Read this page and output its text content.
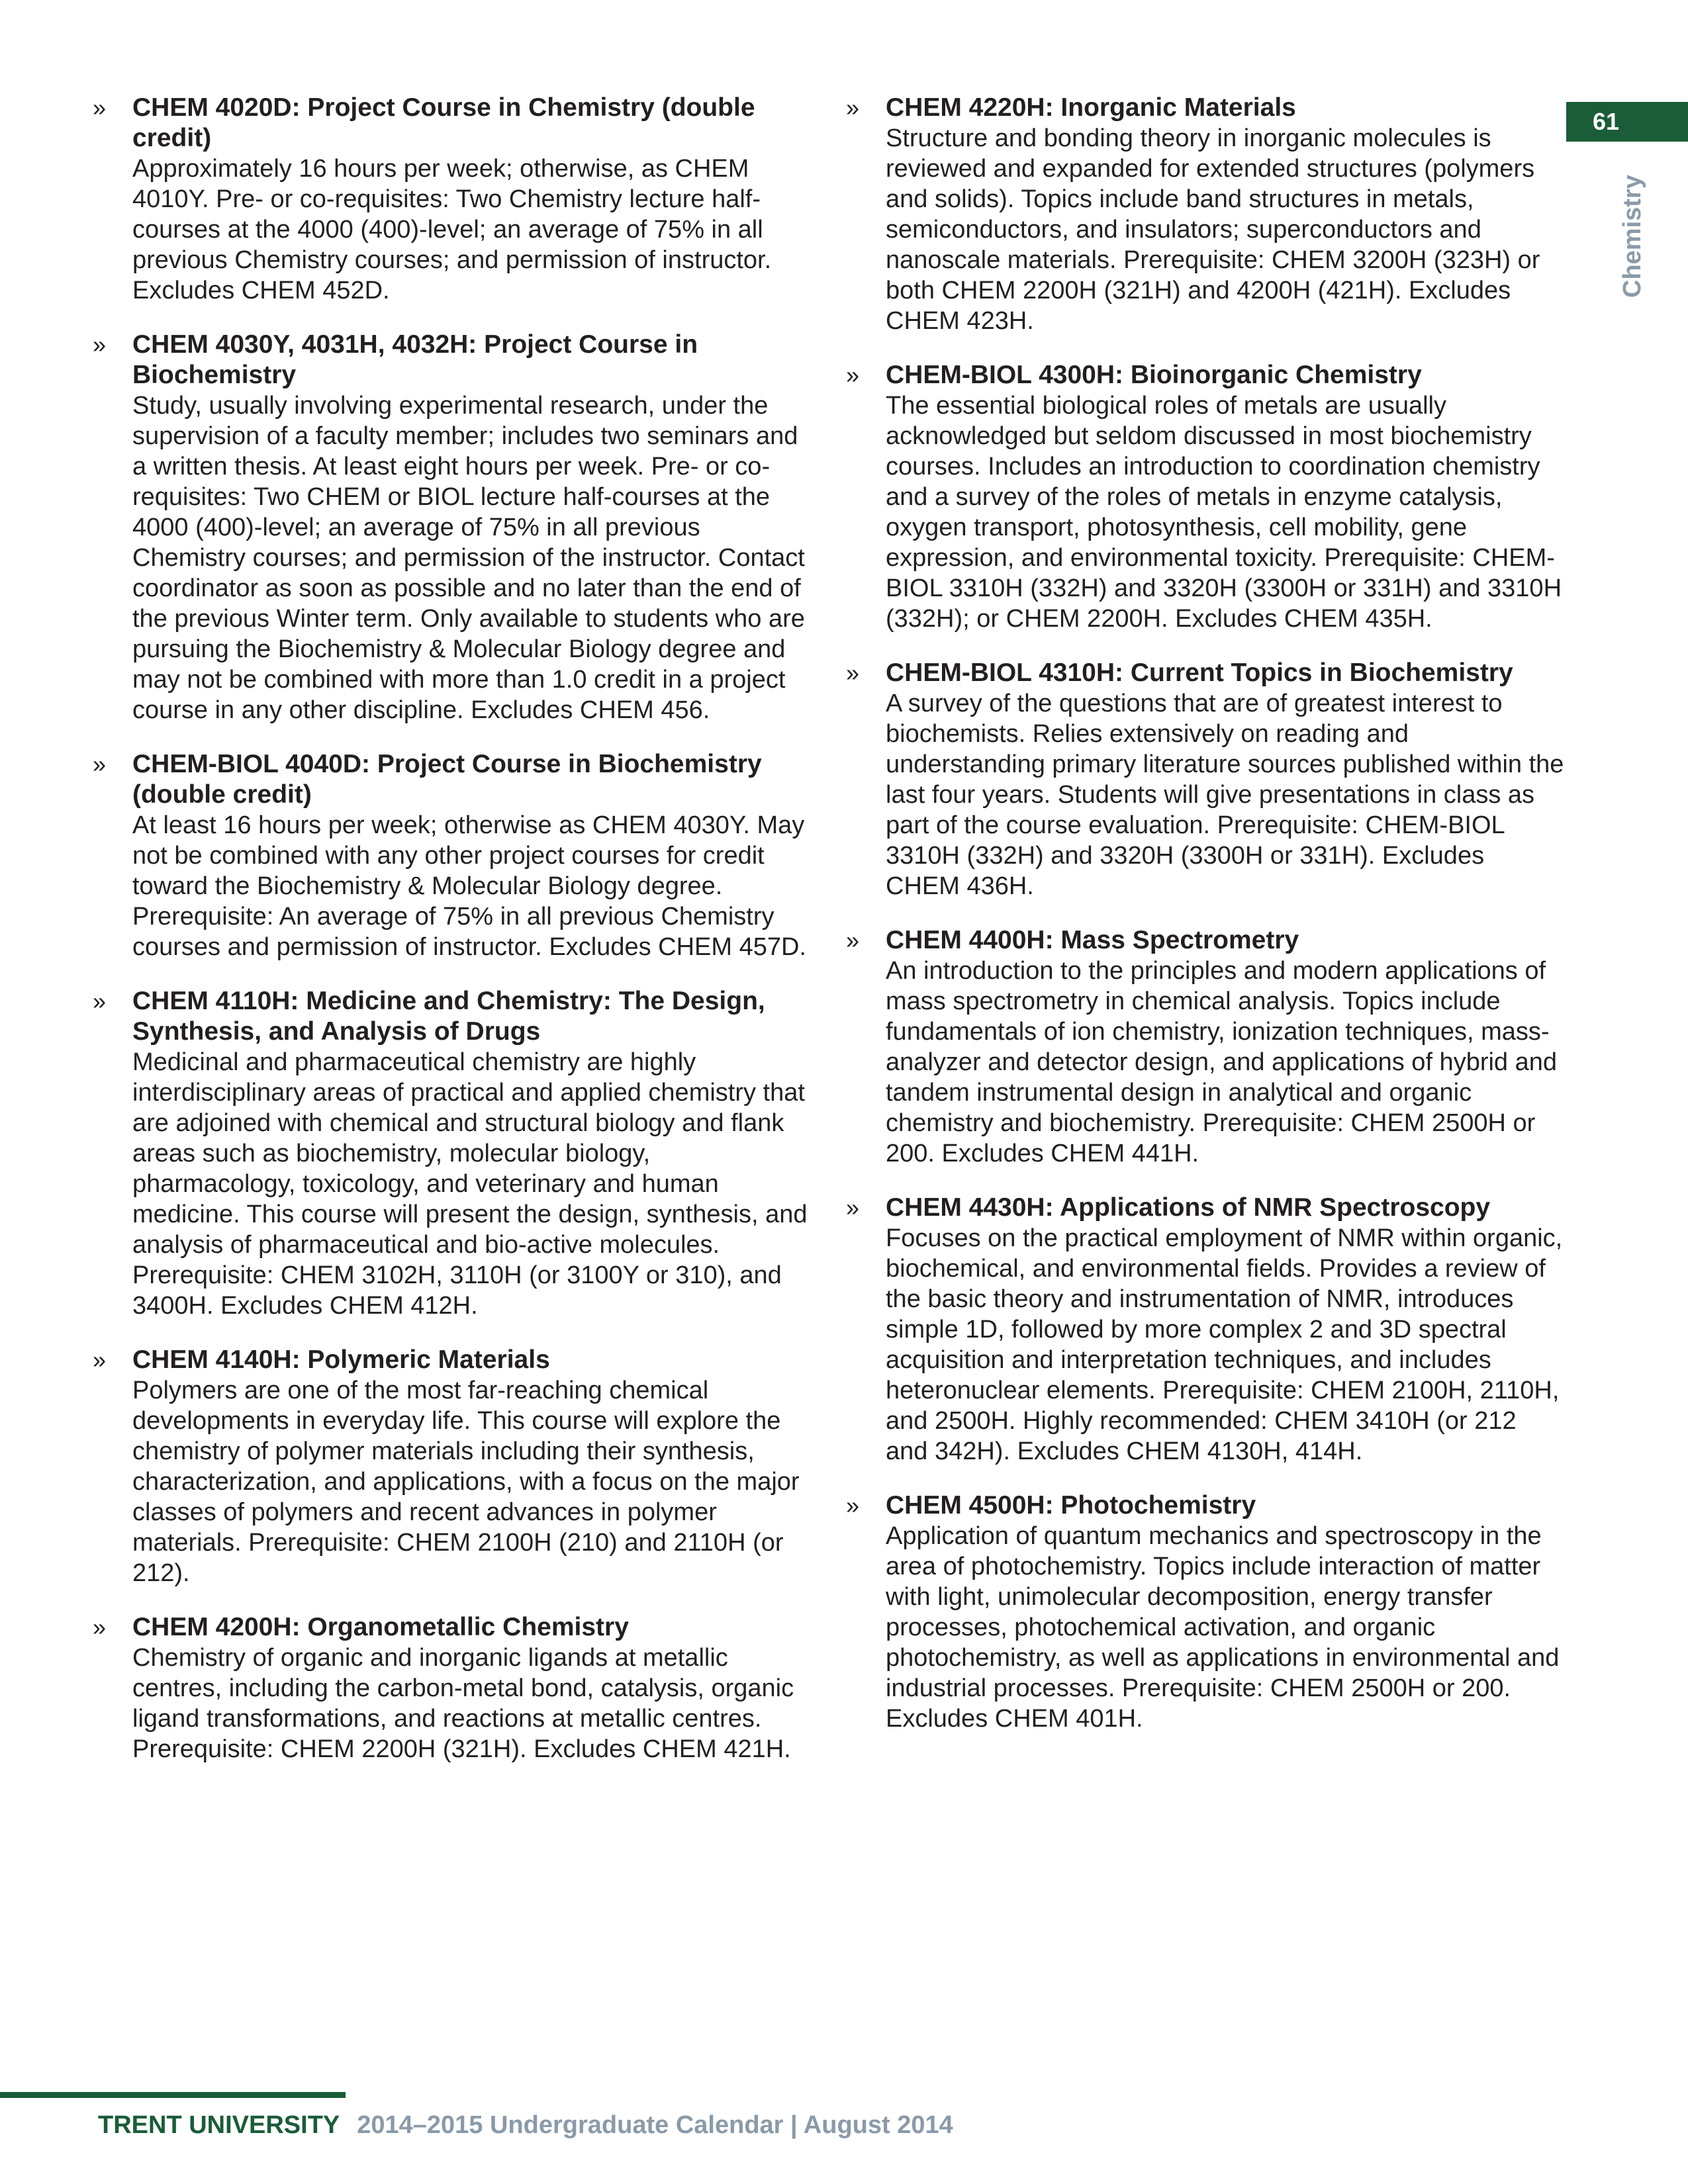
» CHEM 4020D: Project Course in Chemistry (double credit)

Approximately 16 hours per week; otherwise, as CHEM 4010Y. Pre- or co-requisites: Two Chemistry lecture half-courses at the 4000 (400)-level; an average of 75% in all previous Chemistry courses; and permission of instructor. Excludes CHEM 452D.

» CHEM 4030Y, 4031H, 4032H: Project Course in Biochemistry

Study, usually involving experimental research, under the supervision of a faculty member; includes two seminars and a written thesis. At least eight hours per week. Pre- or co-requisites: Two CHEM or BIOL lecture half-courses at the 4000 (400)-level; an average of 75% in all previous Chemistry courses; and permission of the instructor. Contact coordinator as soon as possible and no later than the end of the previous Winter term. Only available to students who are pursuing the Biochemistry & Molecular Biology degree and may not be combined with more than 1.0 credit in a project course in any other discipline. Excludes CHEM 456.

» CHEM-BIOL 4040D: Project Course in Biochemistry (double credit)

At least 16 hours per week; otherwise as CHEM 4030Y. May not be combined with any other project courses for credit toward the Biochemistry & Molecular Biology degree. Prerequisite: An average of 75% in all previous Chemistry courses and permission of instructor. Excludes CHEM 457D.

» CHEM 4110H: Medicine and Chemistry: The Design, Synthesis, and Analysis of Drugs

Medicinal and pharmaceutical chemistry are highly interdisciplinary areas of practical and applied chemistry that are adjoined with chemical and structural biology and flank areas such as biochemistry, molecular biology, pharmacology, toxicology, and veterinary and human medicine. This course will present the design, synthesis, and analysis of pharmaceutical and bio-active molecules. Prerequisite: CHEM 3102H, 3110H (or 3100Y or 310), and 3400H. Excludes CHEM 412H.

» CHEM 4140H: Polymeric Materials

Polymers are one of the most far-reaching chemical developments in everyday life. This course will explore the chemistry of polymer materials including their synthesis, characterization, and applications, with a focus on the major classes of polymers and recent advances in polymer materials. Prerequisite: CHEM 2100H (210) and 2110H (or 212).

» CHEM 4200H: Organometallic Chemistry

Chemistry of organic and inorganic ligands at metallic centres, including the carbon-metal bond, catalysis, organic ligand transformations, and reactions at metallic centres. Prerequisite: CHEM 2200H (321H). Excludes CHEM 421H.

» CHEM 4220H: Inorganic Materials

Structure and bonding theory in inorganic molecules is reviewed and expanded for extended structures (polymers and solids). Topics include band structures in metals, semiconductors, and insulators; superconductors and nanoscale materials. Prerequisite: CHEM 3200H (323H) or both CHEM 2200H (321H) and 4200H (421H). Excludes CHEM 423H.

» CHEM-BIOL 4300H: Bioinorganic Chemistry

The essential biological roles of metals are usually acknowledged but seldom discussed in most biochemistry courses. Includes an introduction to coordination chemistry and a survey of the roles of metals in enzyme catalysis, oxygen transport, photosynthesis, cell mobility, gene expression, and environmental toxicity. Prerequisite: CHEM-BIOL 3310H (332H) and 3320H (3300H or 331H) and 3310H (332H); or CHEM 2200H. Excludes CHEM 435H.

» CHEM-BIOL 4310H: Current Topics in Biochemistry

A survey of the questions that are of greatest interest to biochemists. Relies extensively on reading and understanding primary literature sources published within the last four years. Students will give presentations in class as part of the course evaluation. Prerequisite: CHEM-BIOL 3310H (332H) and 3320H (3300H or 331H). Excludes CHEM 436H.

» CHEM 4400H: Mass Spectrometry

An introduction to the principles and modern applications of mass spectrometry in chemical analysis. Topics include fundamentals of ion chemistry, ionization techniques, mass-analyzer and detector design, and applications of hybrid and tandem instrumental design in analytical and organic chemistry and biochemistry. Prerequisite: CHEM 2500H or 200. Excludes CHEM 441H.

» CHEM 4430H: Applications of NMR Spectroscopy

Focuses on the practical employment of NMR within organic, biochemical, and environmental fields. Provides a review of the basic theory and instrumentation of NMR, introduces simple 1D, followed by more complex 2 and 3D spectral acquisition and interpretation techniques, and includes heteronuclear elements. Prerequisite: CHEM 2100H, 2110H, and 2500H. Highly recommended: CHEM 3410H (or 212 and 342H). Excludes CHEM 4130H, 414H.

» CHEM 4500H: Photochemistry

Application of quantum mechanics and spectroscopy in the area of photochemistry. Topics include interaction of matter with light, unimolecular decomposition, energy transfer processes, photochemical activation, and organic photochemistry, as well as applications in environmental and industrial processes. Prerequisite: CHEM 2500H or 200. Excludes CHEM 401H.

61
Chemistry
TRENT UNIVERSITY 2014–2015 Undergraduate Calendar | August 2014
